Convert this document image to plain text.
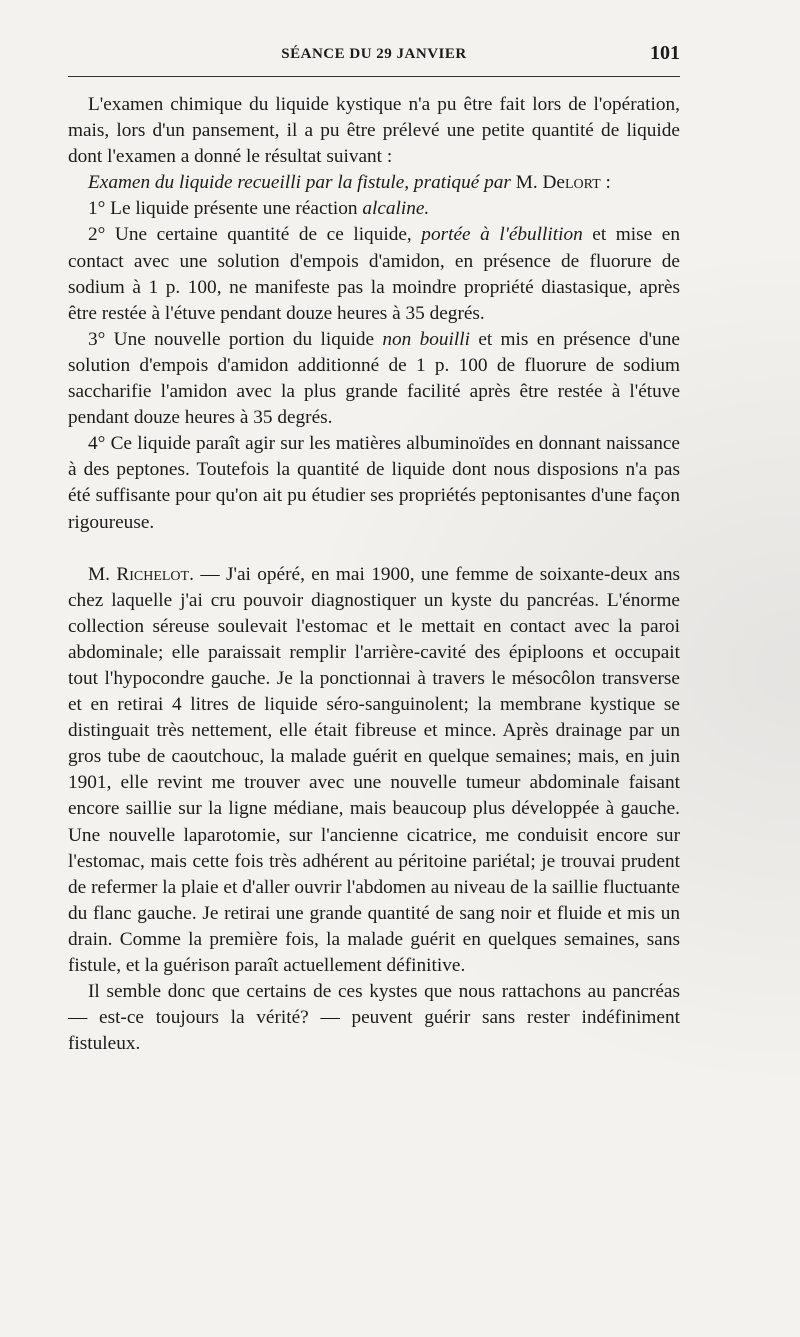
SÉANCE DU 29 JANVIER	101

L'examen chimique du liquide kystique n'a pu être fait lors de l'opération, mais, lors d'un pansement, il a pu être prélevé une petite quantité de liquide dont l'examen a donné le résultat suivant :

Examen du liquide recueilli par la fistule, pratiqué par M. Delort :

1° Le liquide présente une réaction alcaline.

2° Une certaine quantité de ce liquide, portée à l'ébullition et mise en contact avec une solution d'empois d'amidon, en présence de fluorure de sodium à 1 p. 100, ne manifeste pas la moindre propriété diastasique, après être restée à l'étuve pendant douze heures à 35 degrés.

3° Une nouvelle portion du liquide non bouilli et mis en présence d'une solution d'empois d'amidon additionné de 1 p. 100 de fluorure de sodium saccharifie l'amidon avec la plus grande facilité après être restée à l'étuve pendant douze heures à 35 degrés.

4° Ce liquide paraît agir sur les matières albuminoïdes en donnant naissance à des peptones. Toutefois la quantité de liquide dont nous disposions n'a pas été suffisante pour qu'on ait pu étudier ses propriétés peptonisantes d'une façon rigoureuse.

M. Richelot. — J'ai opéré, en mai 1900, une femme de soixante-deux ans chez laquelle j'ai cru pouvoir diagnostiquer un kyste du pancréas. L'énorme collection séreuse soulevait l'estomac et le mettait en contact avec la paroi abdominale; elle paraissait remplir l'arrière-cavité des épiploons et occupait tout l'hypocondre gauche. Je la ponctionnai à travers le mésocôlon transverse et en retirai 4 litres de liquide séro-sanguinolent; la membrane kystique se distinguait très nettement, elle était fibreuse et mince. Après drainage par un gros tube de caoutchouc, la malade guérit en quelque semaines; mais, en juin 1901, elle revint me trouver avec une nouvelle tumeur abdominale faisant encore saillie sur la ligne médiane, mais beaucoup plus développée à gauche. Une nouvelle laparotomie, sur l'ancienne cicatrice, me conduisit encore sur l'estomac, mais cette fois très adhérent au péritoine pariétal; je trouvai prudent de refermer la plaie et d'aller ouvrir l'abdomen au niveau de la saillie fluctuante du flanc gauche. Je retirai une grande quantité de sang noir et fluide et mis un drain. Comme la première fois, la malade guérit en quelques semaines, sans fistule, et la guérison paraît actuellement définitive.

Il semble donc que certains de ces kystes que nous rattachons au pancréas — est-ce toujours la vérité? — peuvent guérir sans rester indéfiniment fistuleux.
